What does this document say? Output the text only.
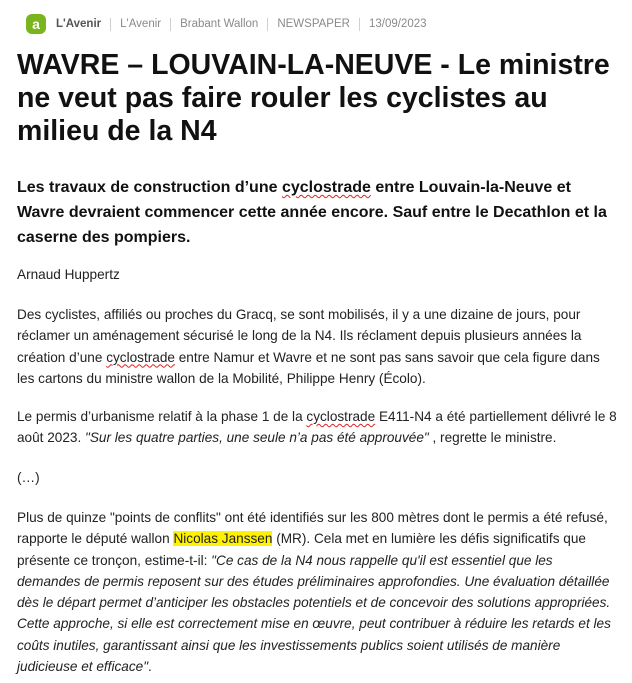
a L'Avenir L'Avenir Brabant Wallon NEWSPAPER 13/09/2023
WAVRE – LOUVAIN-LA-NEUVE - Le ministre ne veut pas faire rouler les cyclistes au milieu de la N4

Les travaux de construction d’une cyclostrade entre Louvain-la-Neuve et Wavre devraient commencer cette année encore. Sauf entre le Decathlon et la caserne des pompiers.

Arnaud Huppertz

Des cyclistes, affiliés ou proches du Gracq, se sont mobilisés, il y a une dizaine de jours, pour réclamer un aménagement sécurisé le long de la N4. Ils réclament depuis plusieurs années la création d’une cyclostrade entre Namur et Wavre et ne sont pas sans savoir que cela figure dans les cartons du ministre wallon de la Mobilité, Philippe Henry (Écolo).

Le permis d’urbanisme relatif à la phase 1 de la cyclostrade E411-N4 a été partiellement délivré le 8 août 2023. "Sur les quatre parties, une seule n’a pas été approuvée" , regrette le ministre.

(…)

Plus de quinze "points de conflits" ont été identifiés sur les 800 mètres dont le permis a été refusé, rapporte le député wallon Nicolas Janssen (MR). Cela met en lumière les défis significatifs que présente ce tronçon, estime-t-il: "Ce cas de la N4 nous rappelle qu'il est essentiel que les demandes de permis reposent sur des études préliminaires approfondies. Une évaluation détaillée dès le départ permet d’anticiper les obstacles potentiels et de concevoir des solutions appropriées. Cette approche, si elle est correctement mise en œuvre, peut contribuer à réduire les retards et les coûts inutiles, garantissant ainsi que les investissements publics soient utilisés de manière judicieuse et efficace".
